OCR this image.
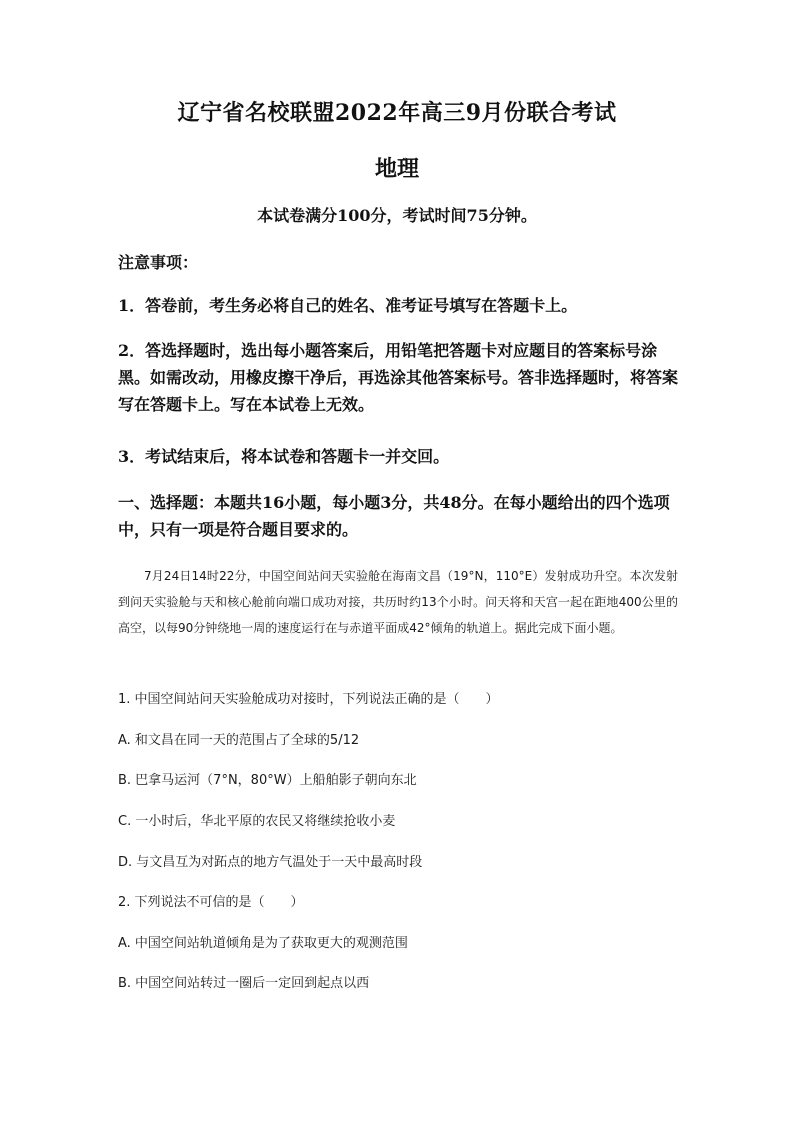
辽宁省名校联盟2022年高三9月份联合考试
地理
本试卷满分100分，考试时间75分钟。
注意事项：
1．答卷前，考生务必将自己的姓名、准考证号填写在答题卡上。
2．答选择题时，选出每小题答案后，用铅笔把答题卡对应题目的答案标号涂黑。如需改动，用橡皮擦干净后，再选涂其他答案标号。答非选择题时，将答案写在答题卡上。写在本试卷上无效。
3．考试结束后，将本试卷和答题卡一并交回。
一、选择题：本题共16小题，每小题3分，共48分。在每小题给出的四个选项中，只有一项是符合题目要求的。
7月24日14时22分，中国空间站问天实验舱在海南文昌（19°N，110°E）发射成功升空。本次发射到问天实验舱与天和核心舱前向端口成功对接，共历时约13个小时。问天将和天宫一起在距地400公里的高空，以每90分钟绕地一周的速度运行在与赤道平面成42°倾角的轨道上。据此完成下面小题。
1. 中国空间站问天实验舱成功对接时，下列说法正确的是（　　）
A. 和文昌在同一天的范围占了全球的5/12
B. 巴拿马运河（7°N，80°W）上船舶影子朝向东北
C. 一小时后，华北平原的农民又将继续抢收小麦
D. 与文昌互为对跖点的地方气温处于一天中最高时段
2. 下列说法不可信的是（　　）
A. 中国空间站轨道倾角是为了获取更大的观测范围
B. 中国空间站转过一圈后一定回到起点以西
